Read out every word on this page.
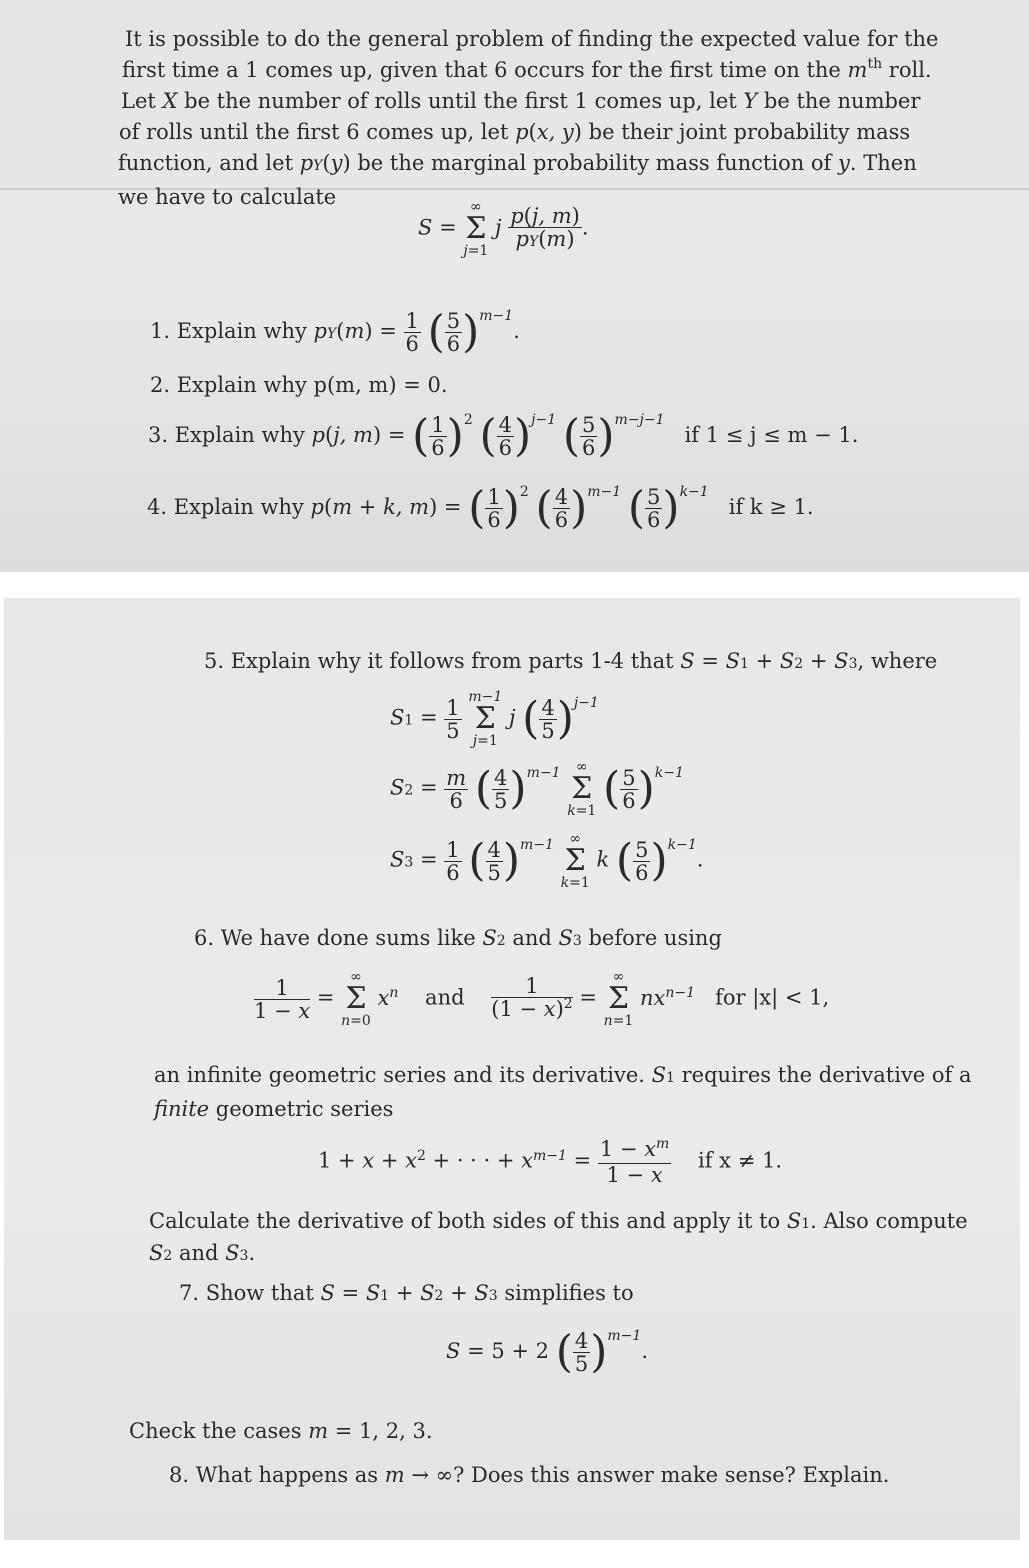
It is possible to do the general problem of finding the expected value for the
first time a 1 comes up, given that 6 occurs for the first time on the $m^{th}$ roll.
Let X be the number of rolls until the first 1 comes up, let Y be the number
of rolls until the first 6 comes up, let p(x, y) be their joint probability mass
function, and let pY(y) be the marginal probability mass function of y. Then
we have to calculate
S = ∞
Σ
j=1 j $\frac{p(j, m)}{pY(m)}$ .
1. Explain why $pY(m) = \frac{1}{6}$ ( $\frac{5}{6} )^{m-1}$.
2. Explain why p(m, m) = 0.
3. Explain why p(j, m) = ( $\frac{1}{6} )^2$ ( $\frac{4}{6} )^{j-1}$ ( $\frac{5}{6} )^{m-j-1}$   if 1 ≤ j ≤ m − 1.
4. Explain why p(m + k, m) = ( $\frac{1}{6} )^2$ ( $\frac{4}{6} )^{m-1}$ ( $\frac{5}{6} )^{k-1}$   if k ≥ 1.
5. Explain why it follows from parts 1-4 that S = S1 + S2 + S3, where
$S1 = \frac{1}{5} m-1$
Σ
j=1 j ( $\frac{4}{5} )^{j-1}$
$S2 = \frac{m}{6}$ ( $\frac{4}{5} )^{m-1}$ ∞
Σ
k=1 ( $\frac{5}{6} )^{k-1}$
$S3 = \frac{1}{6}$ ( $\frac{4}{5} )^{m-1}$ ∞
Σ
k=1 k ( $\frac{5}{6} )^{k-1}$.
6. We have done sums like S2 and S3 before using
$\frac{1}{1 - x}$ = ∞
Σ
n=0 $x^n$ and $\frac{1}{(1 - x)^2}$ = ∞
Σ
n=1 $nx^{n-1}$ for |x| < 1,
an infinite geometric series and its derivative. S1 requires the derivative of a
finite geometric series
$1 + x + x^2$ + · · · + $x^{m-1} = \frac{1 - x^m}{1 - x}$ if x ≠ 1.
Calculate the derivative of both sides of this and apply it to S1. Also compute
S2 and S3.
7. Show that S = S1 + S2 + S3 simplifies to
S = 5 + 2 ( $\frac{4}{5} )^{m-1}$.
Check the cases m = 1, 2, 3.
8. What happens as m → ∞? Does this answer make sense? Explain.
